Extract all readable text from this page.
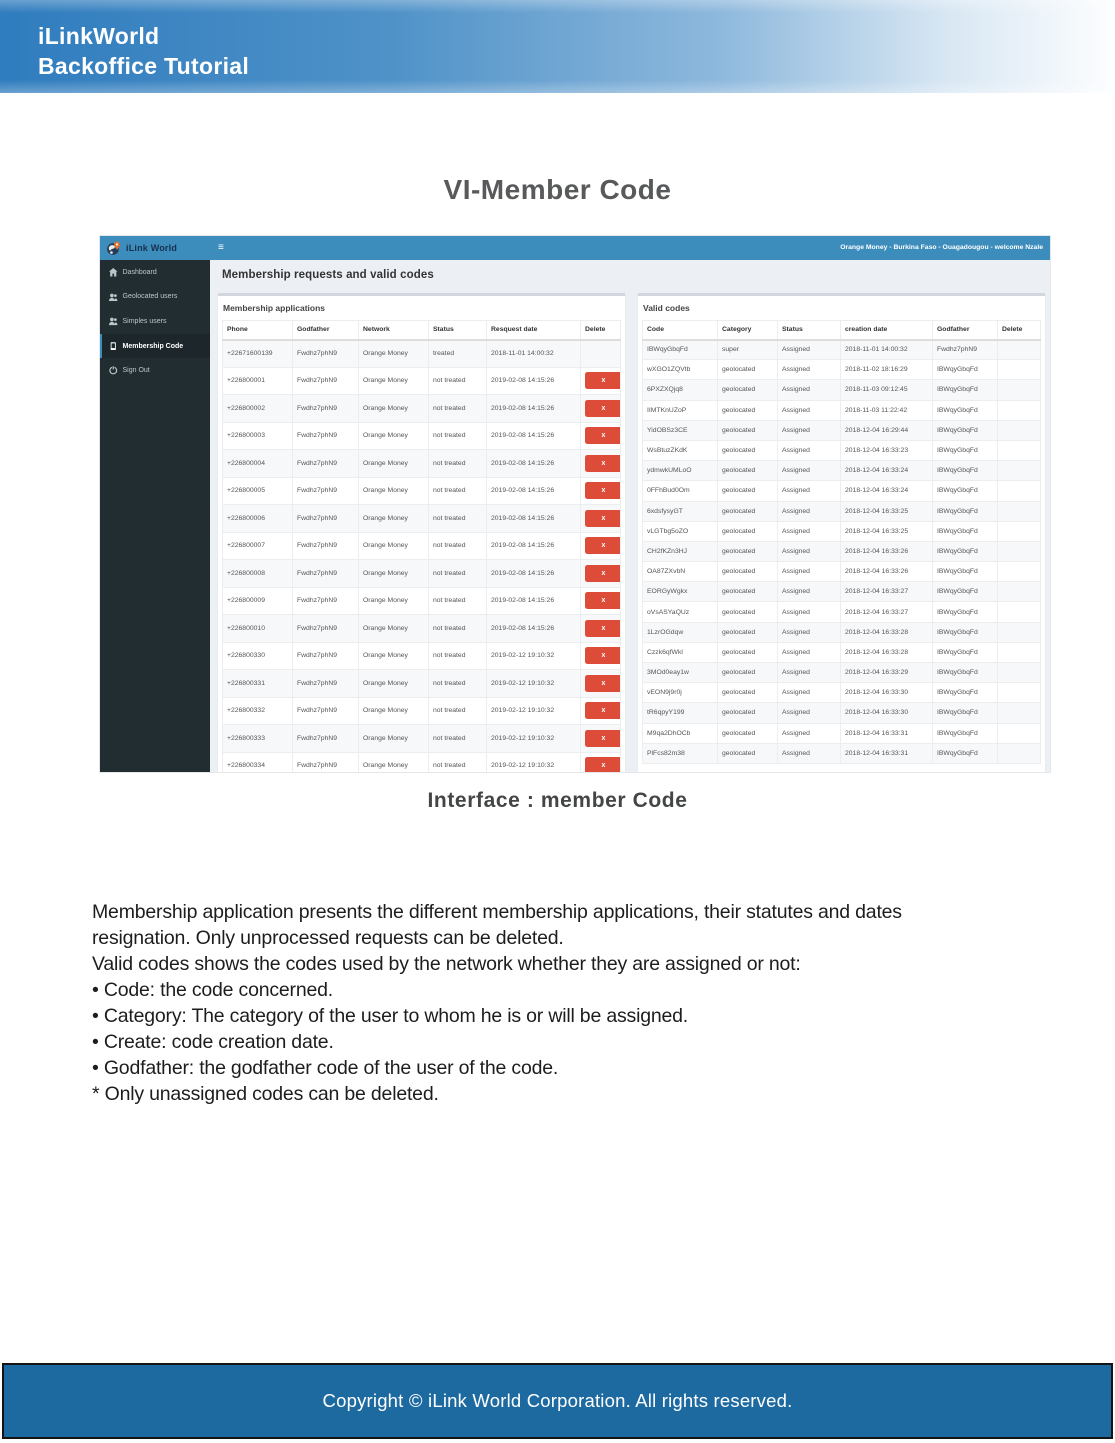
iLinkWorld
Backoffice Tutorial
VI-Member Code
iLink World	≡	Orange Money - Burkina Faso - Ouagadougou - welcome Nzale
Dashboard
Geolocated users
Simples users
Membership Code
Sign Out
Membership requests and valid codes
Membership applications
Phone	Godfather	Network	Status	Resquest date	Delete
+22671600139	Fwdhz7phN9	Orange Money	treated	2018-11-01 14:00:32	
+226800001	Fwdhz7phN9	Orange Money	not treated	2019-02-08 14:15:26	x
+226800002	Fwdhz7phN9	Orange Money	not treated	2019-02-08 14:15:26	x
+226800003	Fwdhz7phN9	Orange Money	not treated	2019-02-08 14:15:26	x
+226800004	Fwdhz7phN9	Orange Money	not treated	2019-02-08 14:15:26	x
+226800005	Fwdhz7phN9	Orange Money	not treated	2019-02-08 14:15:26	x
+226800006	Fwdhz7phN9	Orange Money	not treated	2019-02-08 14:15:26	x
+226800007	Fwdhz7phN9	Orange Money	not treated	2019-02-08 14:15:26	x
+226800008	Fwdhz7phN9	Orange Money	not treated	2019-02-08 14:15:26	x
+226800009	Fwdhz7phN9	Orange Money	not treated	2019-02-08 14:15:26	x
+226800010	Fwdhz7phN9	Orange Money	not treated	2019-02-08 14:15:26	x
+226800330	Fwdhz7phN9	Orange Money	not treated	2019-02-12 19:10:32	x
+226800331	Fwdhz7phN9	Orange Money	not treated	2019-02-12 19:10:32	x
+226800332	Fwdhz7phN9	Orange Money	not treated	2019-02-12 19:10:32	x
+226800333	Fwdhz7phN9	Orange Money	not treated	2019-02-12 19:10:32	x
+226800334	Fwdhz7phN9	Orange Money	not treated	2019-02-12 19:10:32	x
Valid codes
Code	Category	Status	creation date	Godfather	Delete
IBWqyGbqFd	super	Assigned	2018-11-01 14:00:32	Fwdhz7phN9	
wXGO1ZQVtb	geolocated	Assigned	2018-11-02 18:16:29	IBWqyGbqFd	
6PXZXQjq8	geolocated	Assigned	2018-11-03 09:12:45	IBWqyGbqFd	
IIMTKnUZoP	geolocated	Assigned	2018-11-03 11:22:42	IBWqyGbqFd	
YidOBSz3CE	geolocated	Assigned	2018-12-04 16:29:44	IBWqyGbqFd	
WsBtuzZKdK	geolocated	Assigned	2018-12-04 16:33:23	IBWqyGbqFd	
ydmwkUMLoO	geolocated	Assigned	2018-12-04 16:33:24	IBWqyGbqFd	
0FFhBud0Om	geolocated	Assigned	2018-12-04 16:33:24	IBWqyGbqFd	
6xdsfysyGT	geolocated	Assigned	2018-12-04 16:33:25	IBWqyGbqFd	
vLGTbg5oZO	geolocated	Assigned	2018-12-04 16:33:25	IBWqyGbqFd	
CH2fKZn3HJ	geolocated	Assigned	2018-12-04 16:33:26	IBWqyGbqFd	
OA87ZXvbN	geolocated	Assigned	2018-12-04 16:33:26	IBWqyGbqFd	
EORGyWgkx	geolocated	Assigned	2018-12-04 16:33:27	IBWqyGbqFd	
oVsASYaQUz	geolocated	Assigned	2018-12-04 16:33:27	IBWqyGbqFd	
1LzrOGdqw	geolocated	Assigned	2018-12-04 16:33:28	IBWqyGbqFd	
Czzk6qfWkl	geolocated	Assigned	2018-12-04 16:33:28	IBWqyGbqFd	
3MOd0eay1w	geolocated	Assigned	2018-12-04 16:33:29	IBWqyGbqFd	
vEON9j9r0j	geolocated	Assigned	2018-12-04 16:33:30	IBWqyGbqFd	
tR6qpyY199	geolocated	Assigned	2018-12-04 16:33:30	IBWqyGbqFd	
M9qa2DhOCb	geolocated	Assigned	2018-12-04 16:33:31	IBWqyGbqFd	
PlFcs82m38	geolocated	Assigned	2018-12-04 16:33:31	IBWqyGbqFd	
Interface : member Code
Membership application presents the different membership applications, their statutes and dates
resignation. Only unprocessed requests can be deleted.
Valid codes shows the codes used by the network whether they are assigned or not:
• Code: the code concerned.
• Category: The category of the user to whom he is or will be assigned.
• Create: code creation date.
• Godfather: the godfather code of the user of the code.
* Only unassigned codes can be deleted.
Copyright © iLink World Corporation. All rights reserved.
